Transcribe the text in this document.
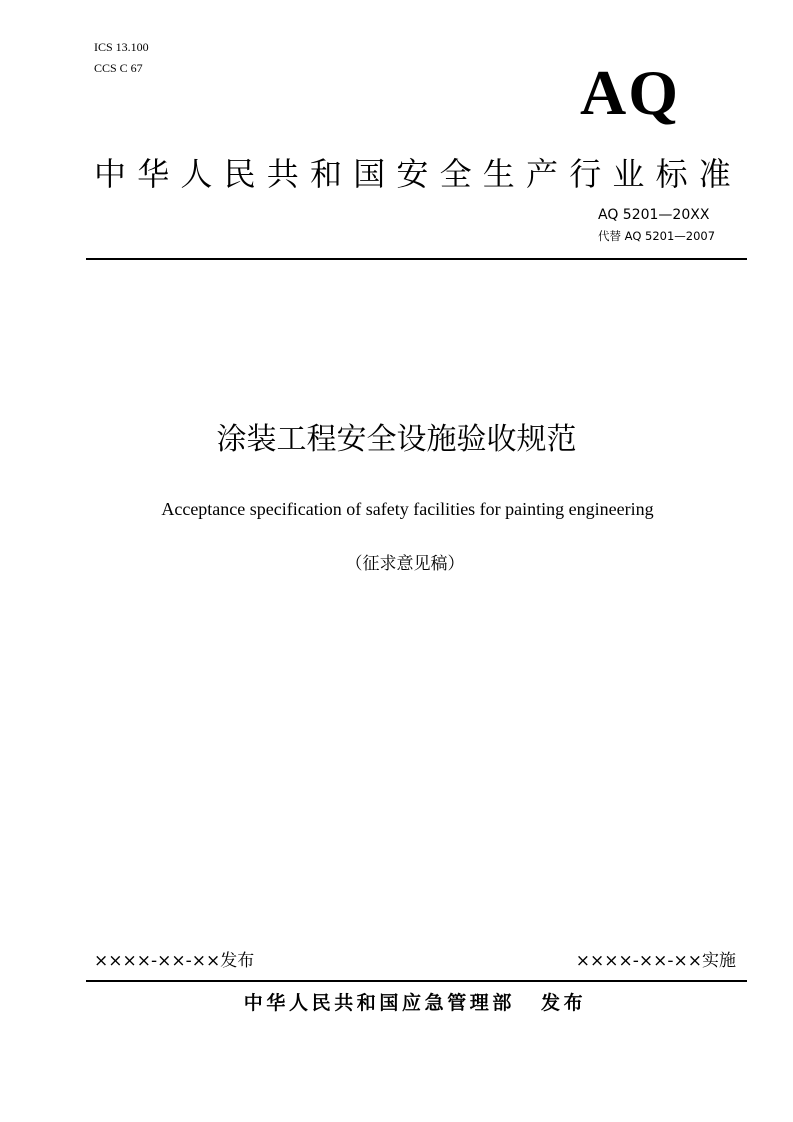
ICS 13.100
CCS C 67	AQ
中华人民共和国安全生产行业标准
AQ 5201—20XX
代替 AQ 5201—2007
涂装工程安全设施验收规范
Acceptance specification of safety facilities for painting engineering
（征求意见稿）
××××-××-××发布	××××-××-××实施
中华人民共和国应急管理部 发布
